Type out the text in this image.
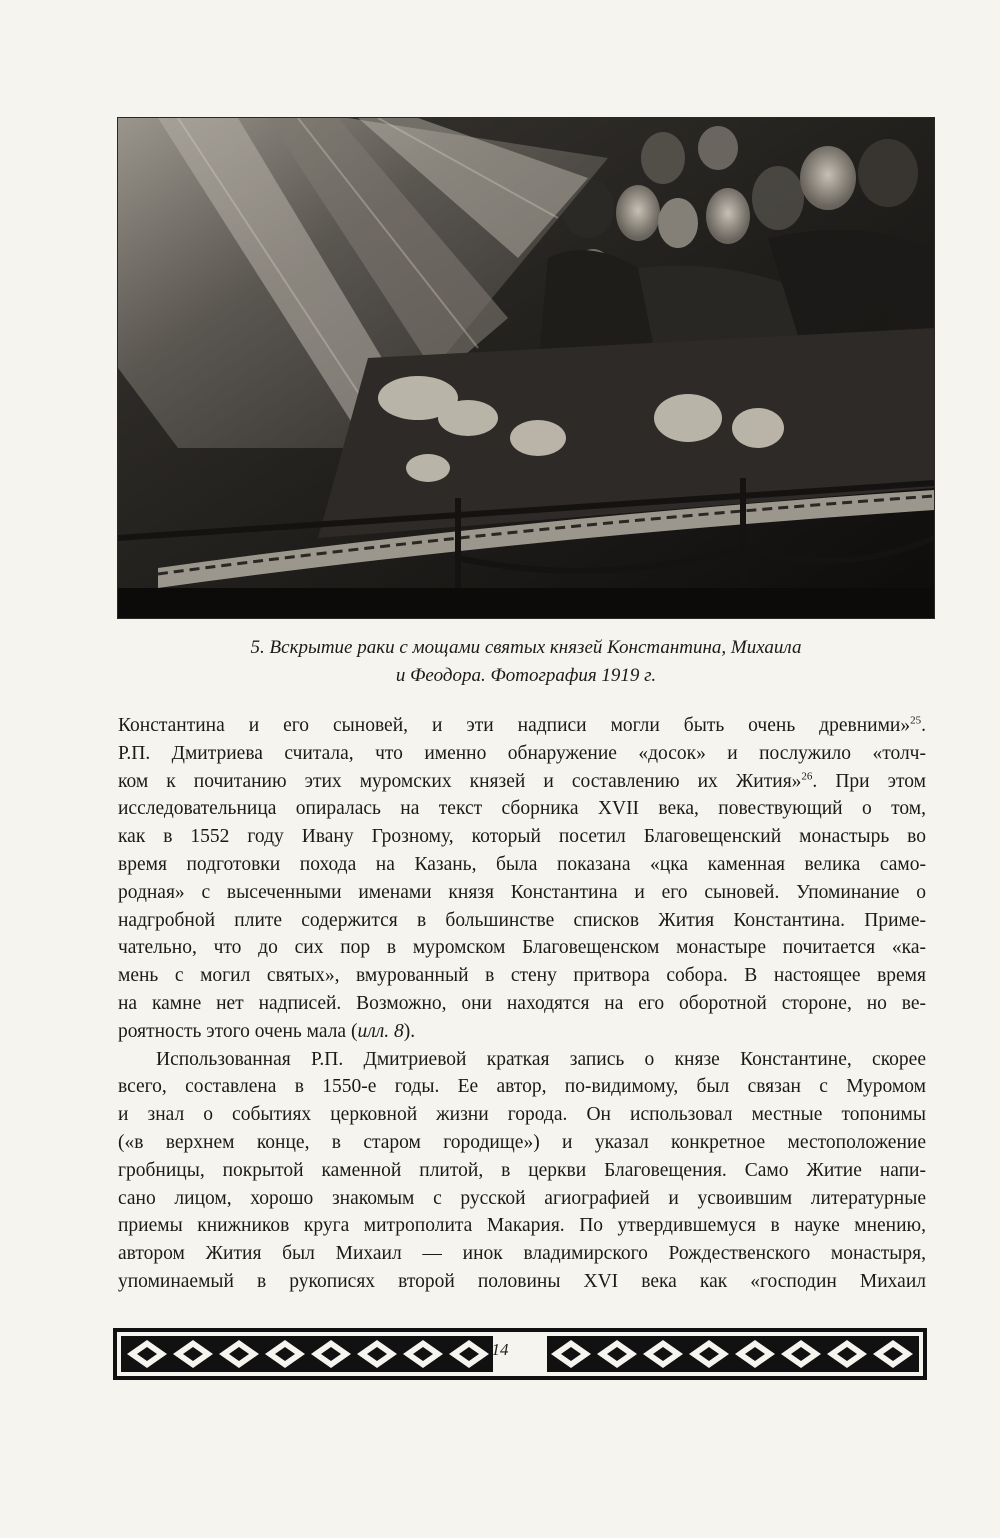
5. Вскрытие раки с мощами святых князей Константина, Михаила
и Феодора. Фотография 1919 г.

Константина и его сыновей, и эти надписи могли быть очень древними»$^{25}$.
Р.П. Дмитриева считала, что именно обнаружение «досок» и послужило «толч-
ком к почитанию этих муромских князей и составлению их Жития»$^{26}$. При этом
исследовательница опиралась на текст сборника XVII века, повествующий о том,
как в 1552 году Ивану Грозному, который посетил Благовещенский монастырь во
время подготовки похода на Казань, была показана «цка каменная велика само-
родная» с высеченными именами князя Константина и его сыновей. Упоминание о
надгробной плите содержится в большинстве списков Жития Константина. Приме-
чательно, что до сих пор в муромском Благовещенском монастыре почитается «ка-
мень с могил святых», вмурованный в стену притвора собора. В настоящее время
на камне нет надписей. Возможно, они находятся на его оборотной стороне, но ве-
роятность этого очень мала (илл. 8).

Использованная Р.П. Дмитриевой краткая запись о князе Константине, скорее
всего, составлена в 1550-е годы. Ее автор, по-видимому, был связан с Муромом
и знал о событиях церковной жизни города. Он использовал местные топонимы
(«в верхнем конце, в старом городище») и указал конкретное местоположение
гробницы, покрытой каменной плитой, в церкви Благовещения. Само Житие напи-
сано лицом, хорошо знакомым с русской агиографией и усвоившим литературные
приемы книжников круга митрополита Макария. По утвердившемуся в науке мнению,
автором Жития был Михаил — инок владимирского Рождественского монастыря,
упоминаемый в рукописях второй половины XVI века как «господин Михаил

14
